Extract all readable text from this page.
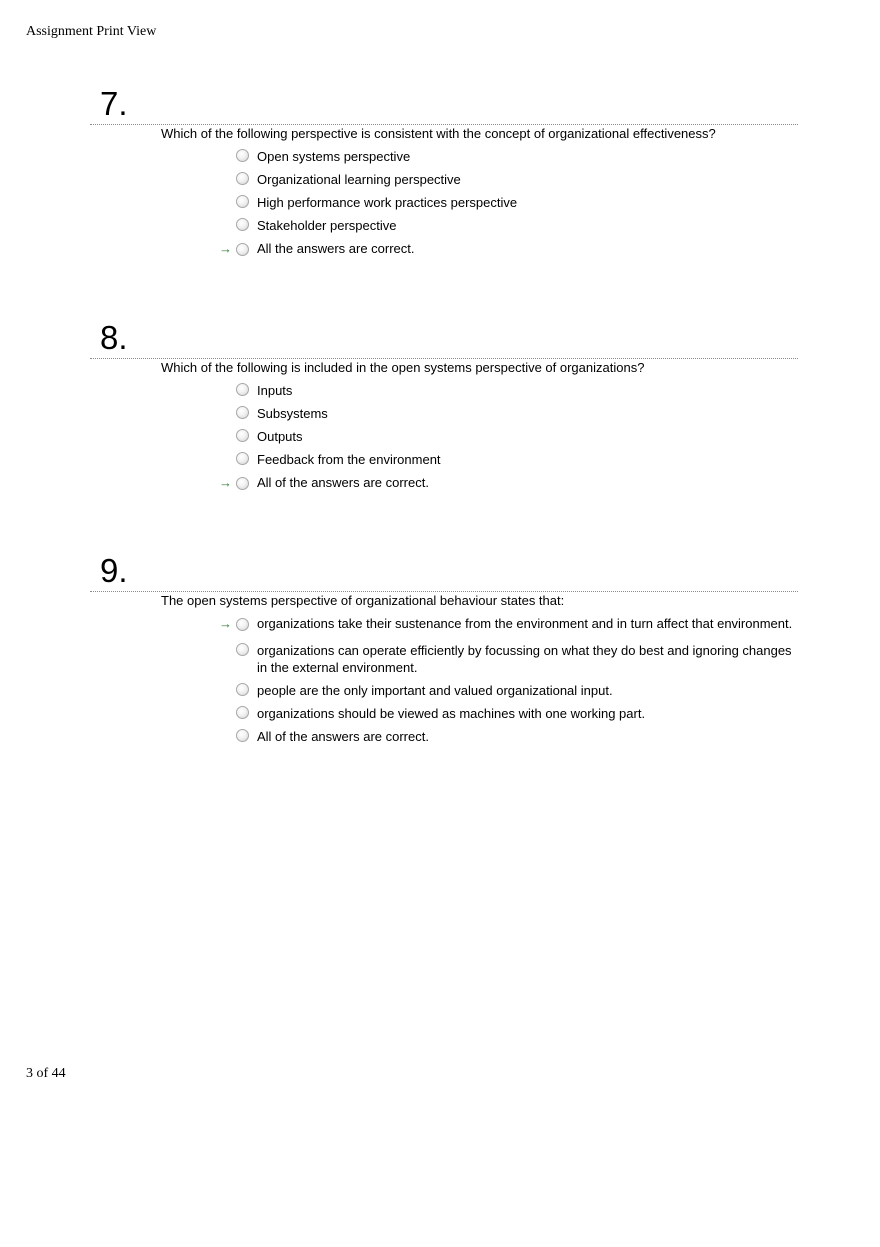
Assignment Print View
7.
Which of the following perspective is consistent with the concept of organizational effectiveness?
Open systems perspective
Organizational learning perspective
High performance work practices perspective
Stakeholder perspective
→ All the answers are correct.
8.
Which of the following is included in the open systems perspective of organizations?
Inputs
Subsystems
Outputs
Feedback from the environment
→ All of the answers are correct.
9.
The open systems perspective of organizational behaviour states that:
→ organizations take their sustenance from the environment and in turn affect that environment.
organizations can operate efficiently by focussing on what they do best and ignoring changes in the external environment.
people are the only important and valued organizational input.
organizations should be viewed as machines with one working part.
All of the answers are correct.
3 of 44
